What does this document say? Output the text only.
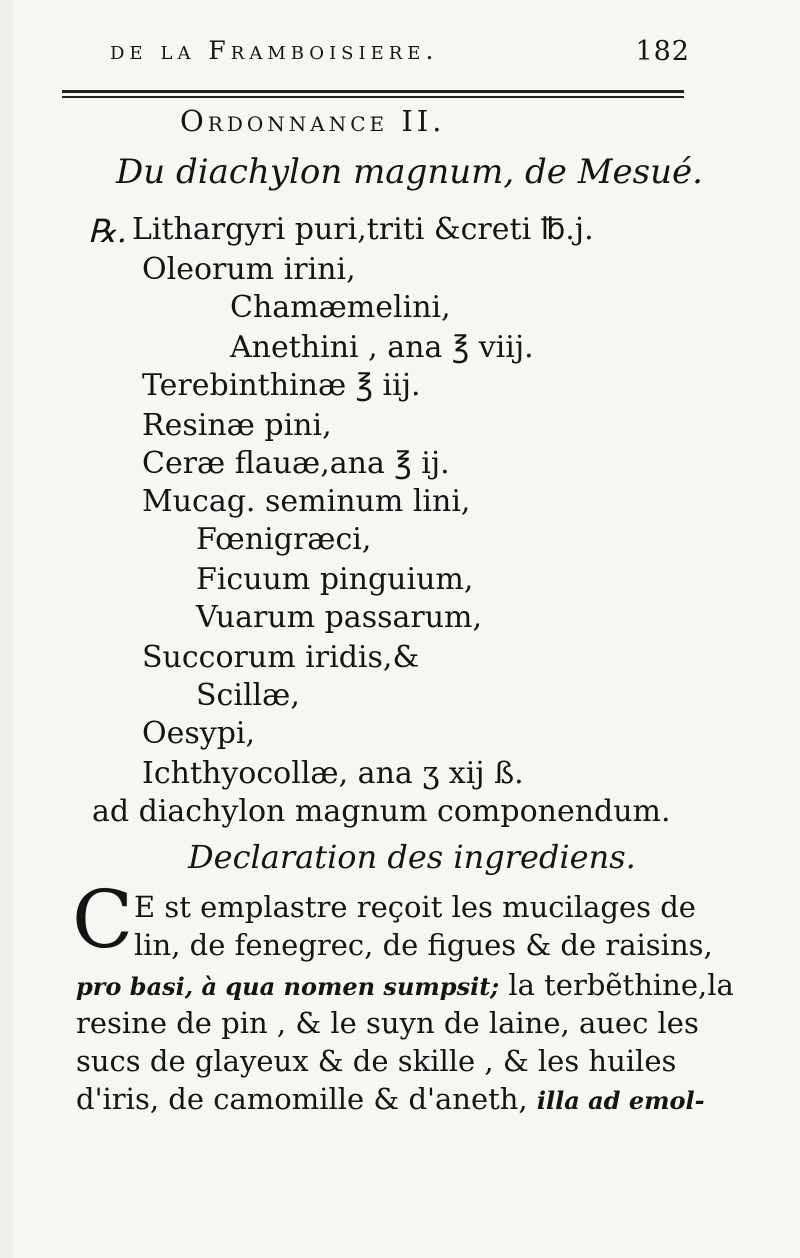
de la Framboisiere.	182
Ordonnance II.
Du diachylon magnum, de Mesué.
℞. Lithargyri puri,triti &creti ℔.j.
Oleorum irini,
Chamæmelini,
Anethini , ana ℥ viij.
Terebinthinæ ℥ iij.
Resinæ pini,
Ceræ flauæ,ana ℥ ij.
Mucag. seminum lini,
Fœnigræci,
Ficuum pinguium,
Vuarum passarum,
Succorum iridis,&
Scillæ,
Oesypi,
Ichthyocollæ, ana ʒ xij ß.
ad diachylon magnum componendum.
Declaration des ingrediens.
C E st emplastre reçoit les mucilages de
lin, de fenegrec, de figues & de raisins,
pro basi, à qua nomen sumpsit; la terbẽthine,la
resine de pin , & le suyn de laine, auec les
sucs de glayeux & de skille , & les huiles
d'iris, de camomille & d'aneth, illa ad emol-
